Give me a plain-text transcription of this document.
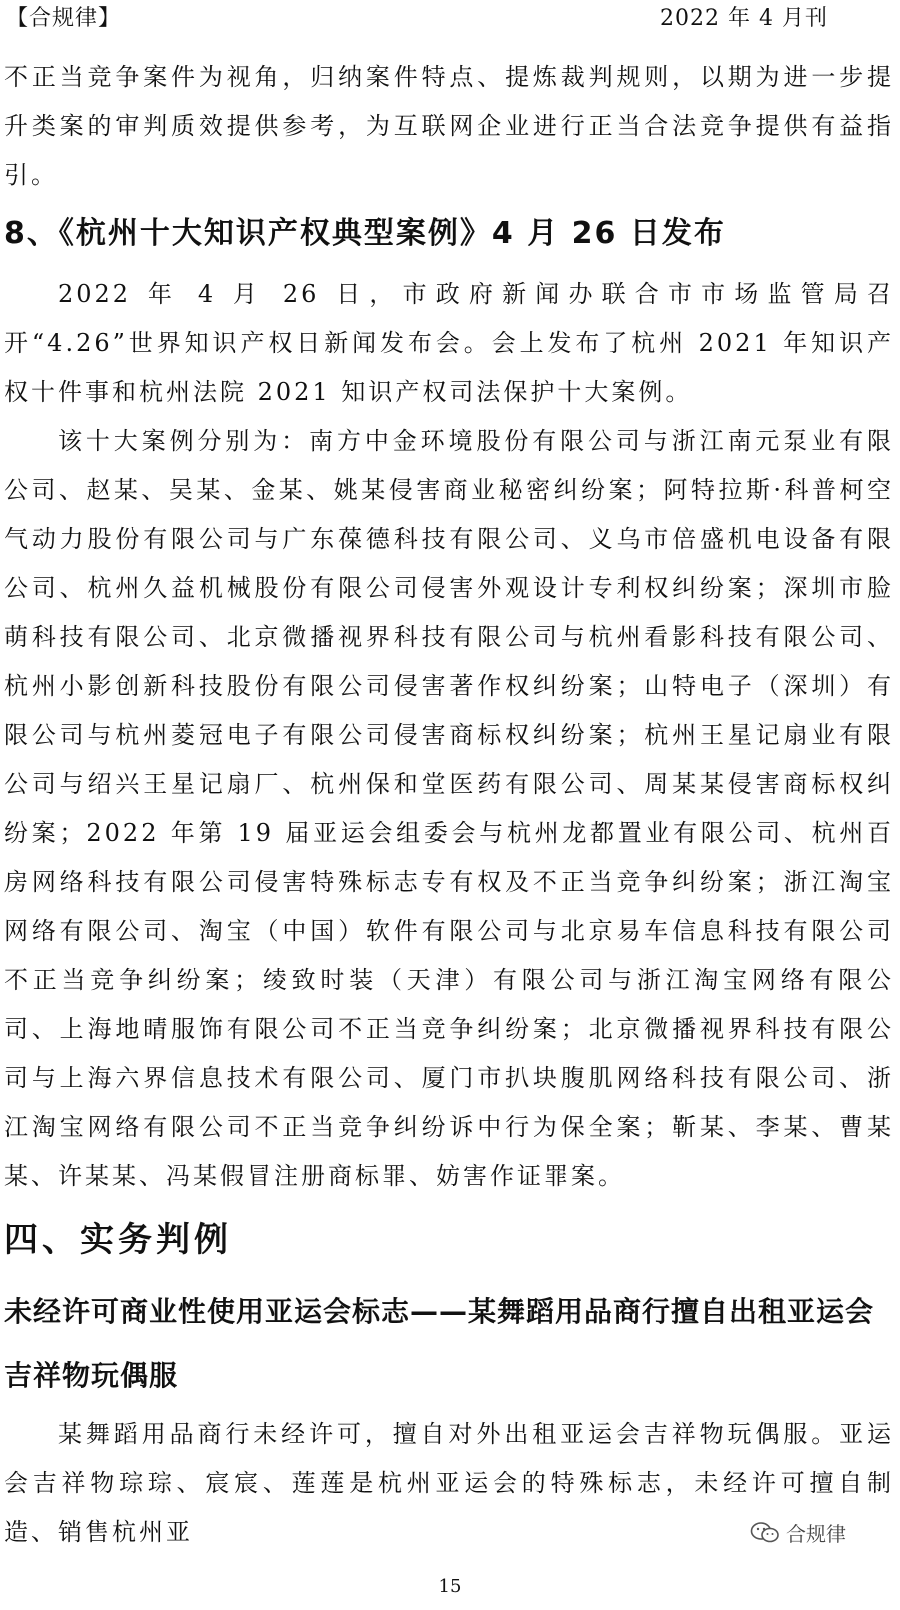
【合规律】	2022 年 4 月刊

不正当竞争案件为视角，归纳案件特点、提炼裁判规则，以期为进一步提升类案的审判质效提供参考，为互联网企业进行正当合法竞争提供有益指引。

8、《杭州十大知识产权典型案例》4 月 26 日发布

2022 年 4 月 26 日，市政府新闻办联合市市场监管局召开“4.26”世界知识产权日新闻发布会。会上发布了杭州 2021 年知识产权十件事和杭州法院 2021 知识产权司法保护十大案例。

该十大案例分别为：南方中金环境股份有限公司与浙江南元泵业有限公司、赵某、吴某、金某、姚某侵害商业秘密纠纷案；阿特拉斯·科普柯空气动力股份有限公司与广东葆德科技有限公司、义乌市倍盛机电设备有限公司、杭州久益机械股份有限公司侵害外观设计专利权纠纷案；深圳市脸萌科技有限公司、北京微播视界科技有限公司与杭州看影科技有限公司、杭州小影创新科技股份有限公司侵害著作权纠纷案；山特电子（深圳）有限公司与杭州菱冠电子有限公司侵害商标权纠纷案；杭州王星记扇业有限公司与绍兴王星记扇厂、杭州保和堂医药有限公司、周某某侵害商标权纠纷案；2022 年第 19 届亚运会组委会与杭州龙都置业有限公司、杭州百房网络科技有限公司侵害特殊标志专有权及不正当竞争纠纷案；浙江淘宝网络有限公司、淘宝（中国）软件有限公司与北京易车信息科技有限公司不正当竞争纠纷案；绫致时装（天津）有限公司与浙江淘宝网络有限公司、上海地晴服饰有限公司不正当竞争纠纷案；北京微播视界科技有限公司与上海六界信息技术有限公司、厦门市扒块腹肌网络科技有限公司、浙江淘宝网络有限公司不正当竞争纠纷诉中行为保全案；靳某、李某、曹某某、许某某、冯某假冒注册商标罪、妨害作证罪案。

四、实务判例
未经许可商业性使用亚运会标志——某舞蹈用品商行擅自出租亚运会吉祥物玩偶服

某舞蹈用品商行未经许可，擅自对外出租亚运会吉祥物玩偶服。亚运会吉祥物琮琮、宸宸、莲莲是杭州亚运会的特殊标志，未经许可擅自制造、销售杭州亚	合规律
15
